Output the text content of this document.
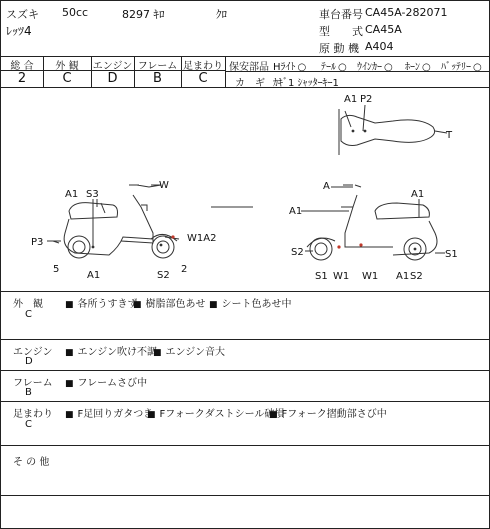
スズキ 50cc	8297 ｷﾛ	ｸﾛ
ﾚｯﾂ4
車台番号 CA45A-282071
型　　式 CA45A
原 動 機 A404
総 合	外 観	エンジン フレーム 足まわり
2	C	D	B	C
保安部品 Hﾗｲﾄ ○	ﾃｰﾙ ○	ｳｲﾝｶｰ ○	ﾎｰﾝ ○	ﾊﾞｯﾃﾘｰ ○
カ　ギ ｶｷﾞ1 ｼｬｯﾀｰｷｰ1
A1 S3
W
W1A2
P3
5
A1	S2
2
A
A1
A1
S2	S1
S1 W1 W1 A1 S2
A1 P2
T
外　観
C
■ 各所うすきず ■ 樹脂部色あせ	■ シート色あせ中
エンジン
D
■ エンジン吹け不調 ■ エンジン音大
フレーム
B
■ フレームさび中
足まわり
C
■ F足回りガタつき ■ Fフォークダストシール破損
■ Fフォーク摺動部さび中
そ の 他
